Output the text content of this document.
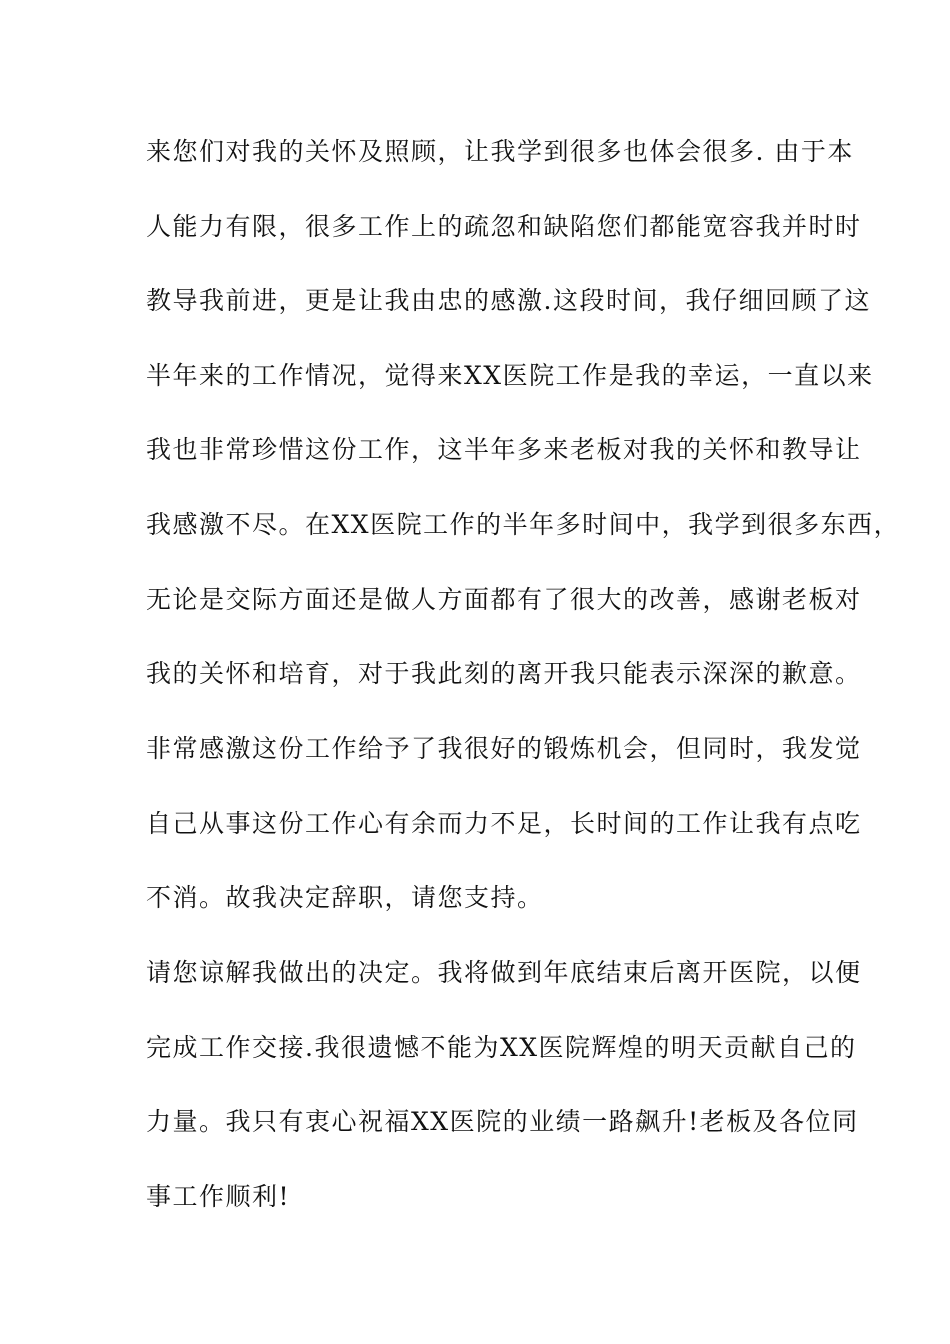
来您们对我的关怀及照顾，让我学到很多也体会很多. 由于本
人能力有限，很多工作上的疏忽和缺陷您们都能宽容我并时时
教导我前进，更是让我由忠的感激.这段时间，我仔细回顾了这
半年来的工作情况，觉得来XX医院工作是我的幸运，一直以来
我也非常珍惜这份工作，这半年多来老板对我的关怀和教导让
我感激不尽。在XX医院工作的半年多时间中，我学到很多东西，
无论是交际方面还是做人方面都有了很大的改善，感谢老板对
我的关怀和培育，对于我此刻的离开我只能表示深深的歉意。
非常感激这份工作给予了我很好的锻炼机会，但同时，我发觉
自己从事这份工作心有余而力不足，长时间的工作让我有点吃
不消。故我决定辞职，请您支持。
请您谅解我做出的决定。我将做到年底结束后离开医院，以便
完成工作交接.我很遗憾不能为XX医院辉煌的明天贡献自己的
力量。我只有衷心祝福XX医院的业绩一路飙升!老板及各位同
事工作顺利!
